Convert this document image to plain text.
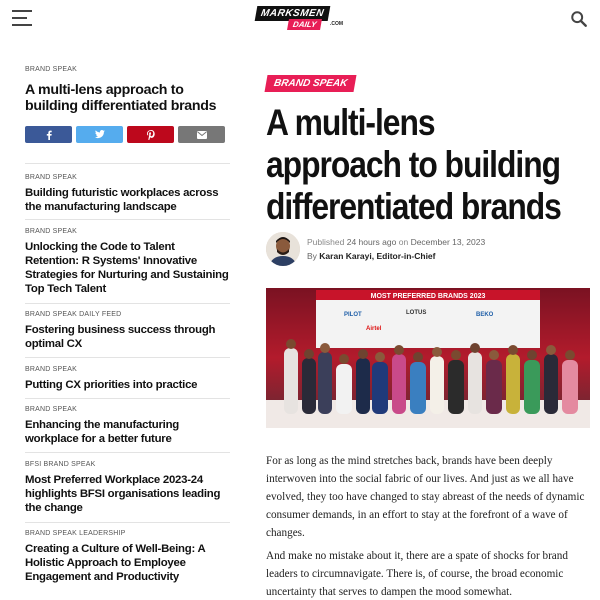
MARKSMEN
DAILY	.COM
BRAND SPEAK
A multi-lens approach to building differentiated brands
BRAND SPEAK
Building futuristic workplaces across the manufacturing landscape
BRAND SPEAK
Unlocking the Code to Talent Retention: R Systems' Innovative Strategies for Nurturing and Sustaining Top Tech Talent
BRAND SPEAK DAILY FEED
Fostering business success through optimal CX
BRAND SPEAK
Putting CX priorities into practice
BRAND SPEAK
Enhancing the manufacturing workplace for a better future
BFSI BRAND SPEAK
Most Preferred Workplace 2023-24 highlights BFSI organisations leading the change
BRAND SPEAK LEADERSHIP
Creating a Culture of Well-Being: A Holistic Approach to Employee Engagement and Productivity
BRAND SPEAK
A multi-lens
approach to building
differentiated brands
Published 24 hours ago on December 13, 2023
By Karan Karayi, Editor-in-Chief
MOST PREFERRED BRANDS 2023
PILOT	LOTUS	BEKO
Airtel
For as long as the mind stretches back, brands have been deeply interwoven into the social fabric of our lives. And just as we all have evolved, they too have changed to stay abreast of the needs of dynamic consumer demands, in an effort to stay at the forefront of a wave of changes.
And make no mistake about it, there are a spate of shocks for brand leaders to circumnavigate. There is, of course, the broad economic uncertainty that serves to dampen the mood somewhat.
